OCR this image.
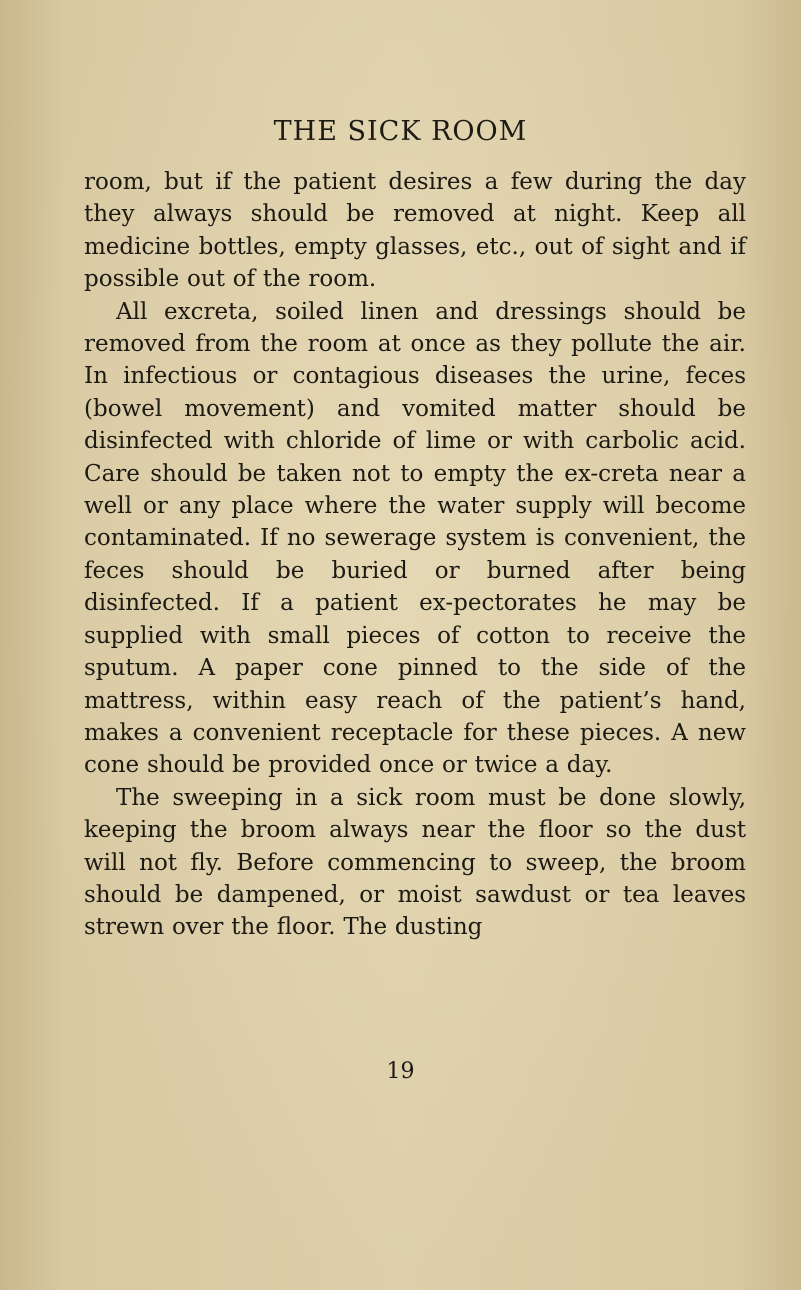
THE SICK ROOM

room, but if the patient desires a few during the day they always should be removed at night. Keep all medicine bottles, empty glasses, etc., out of sight and if possible out of the room.

All excreta, soiled linen and dressings should be removed from the room at once as they pollute the air. In infectious or contagious diseases the urine, feces (bowel movement) and vomited matter should be disinfected with chloride of lime or with carbolic acid. Care should be taken not to empty the ex-creta near a well or any place where the water supply will become contaminated. If no sewerage system is convenient, the feces should be buried or burned after being disinfected. If a patient ex-pectorates he may be supplied with small pieces of cotton to receive the sputum. A paper cone pinned to the side of the mattress, within easy reach of the patient’s hand, makes a convenient receptacle for these pieces. A new cone should be provided once or twice a day.

The sweeping in a sick room must be done slowly, keeping the broom always near the floor so the dust will not fly. Before commencing to sweep, the broom should be dampened, or moist sawdust or tea leaves strewn over the floor. The dusting

19
